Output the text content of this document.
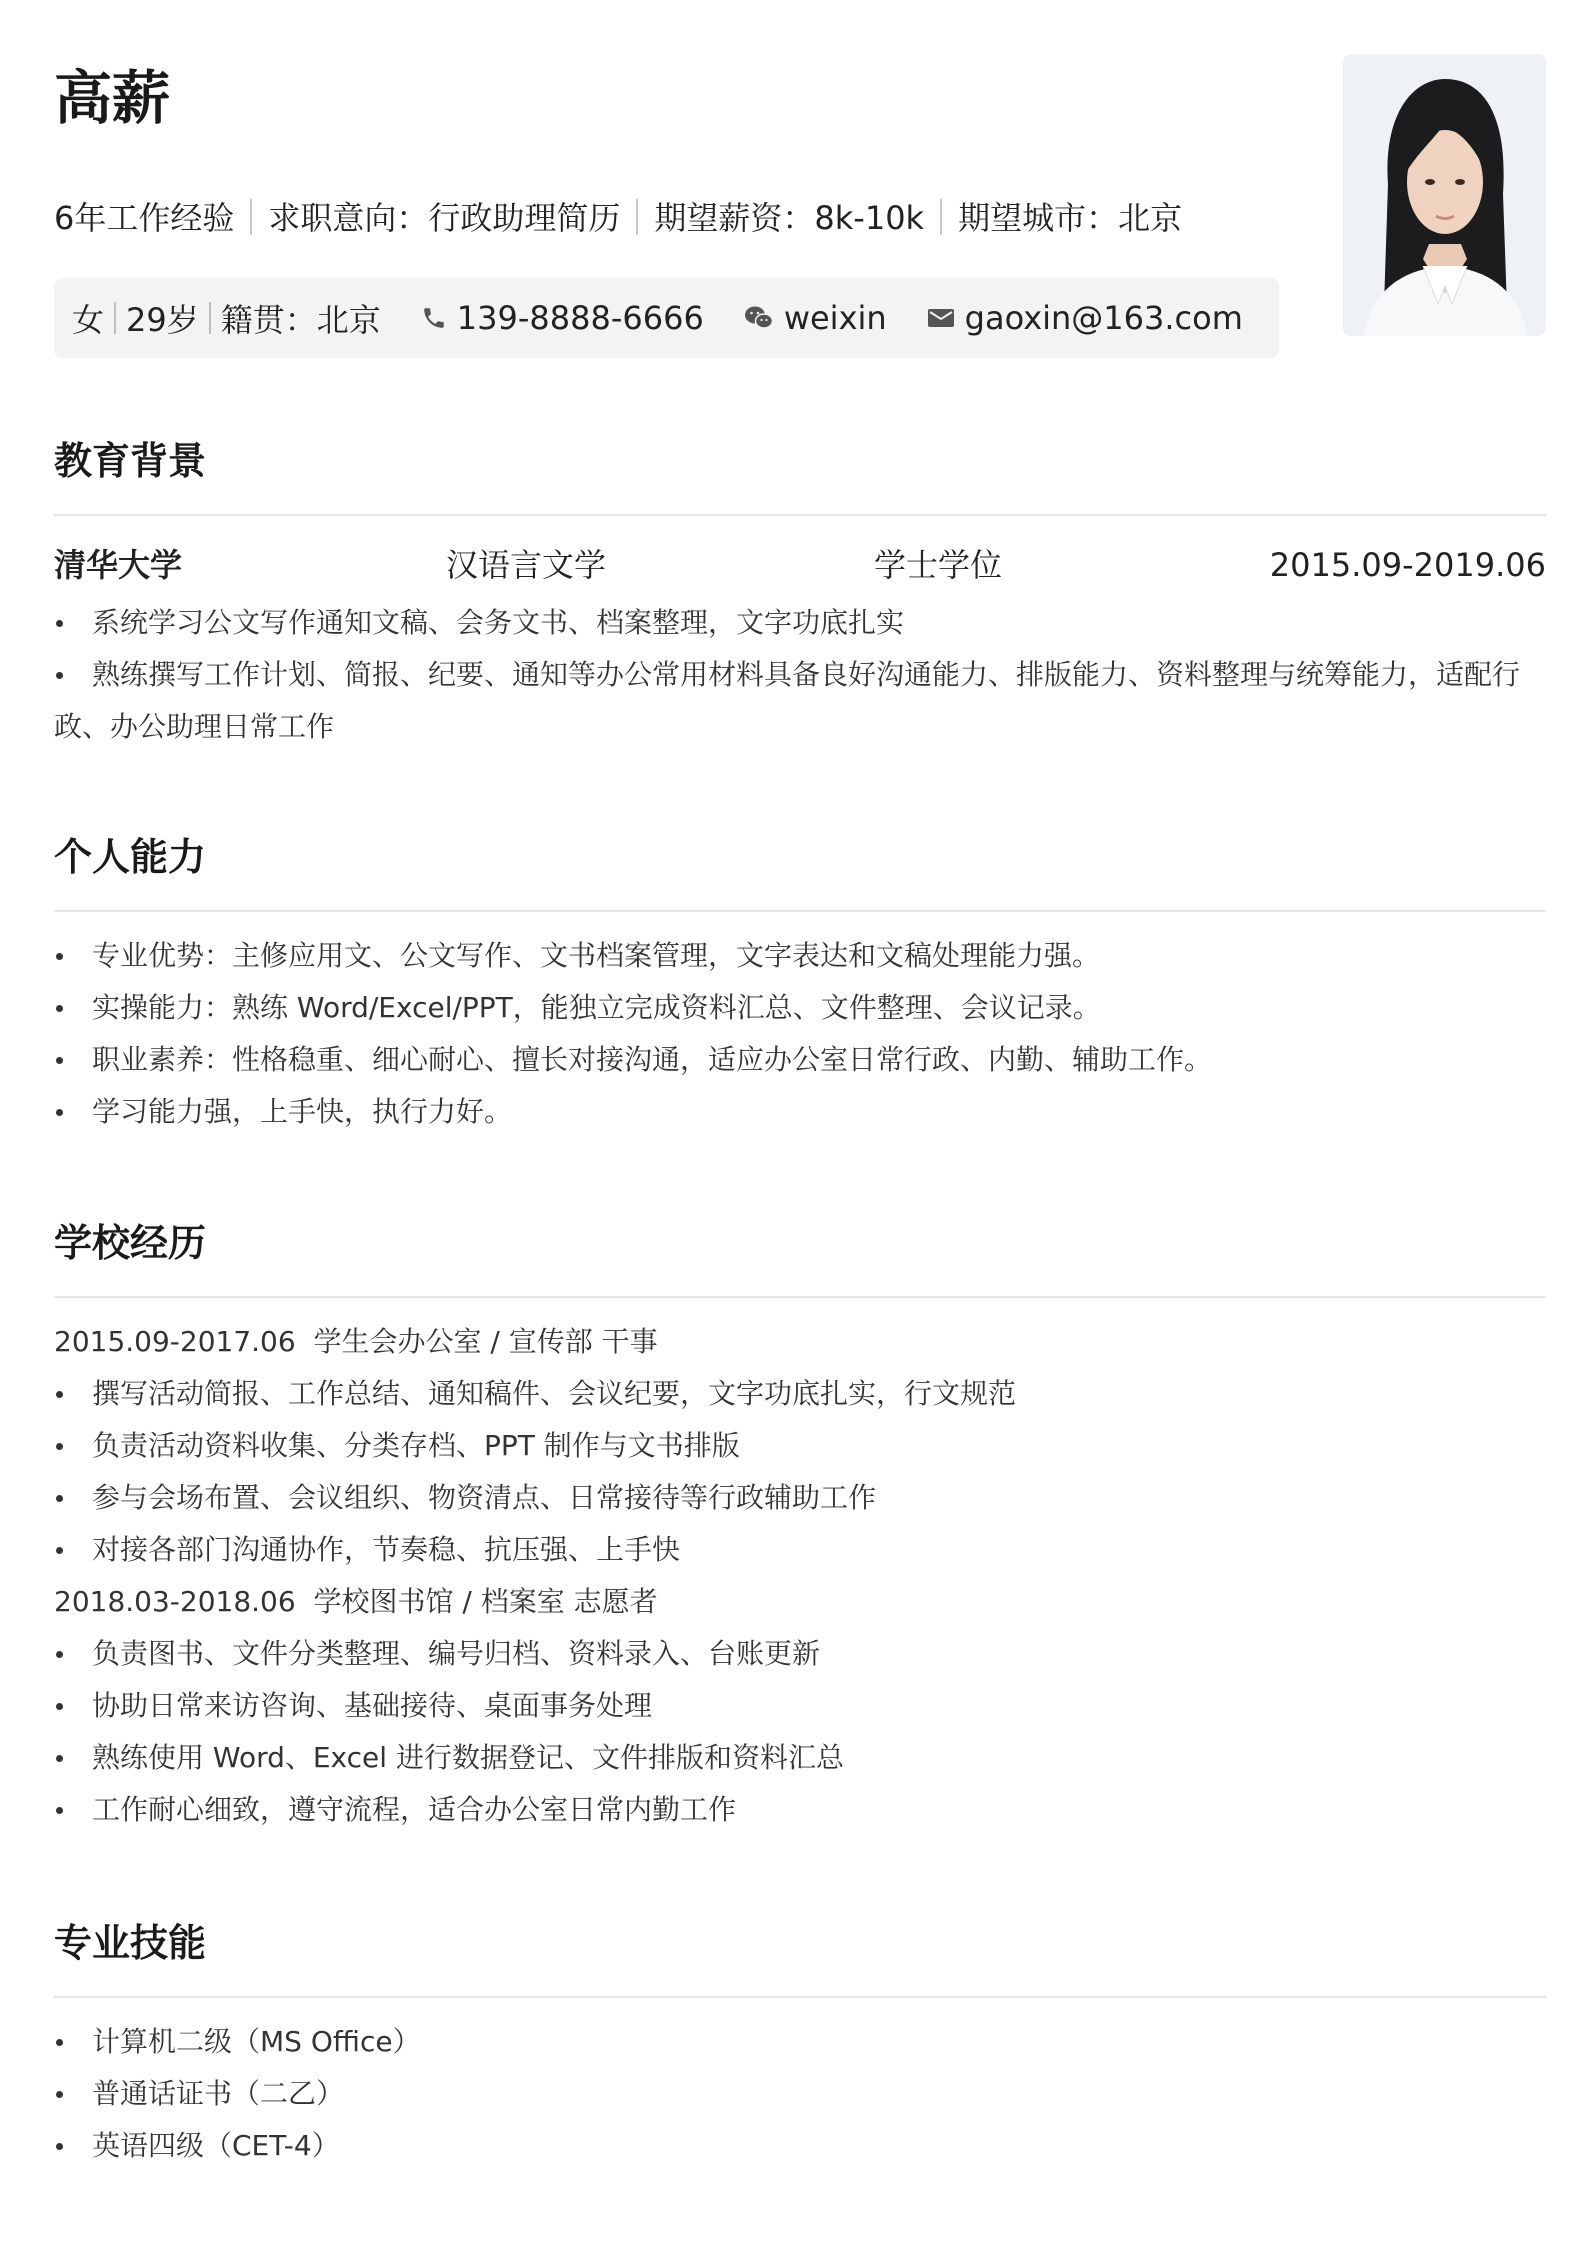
高薪
6年工作经验 求职意向：行政助理简历 期望薪资：8k-10k 期望城市：北京
女 29岁 籍贯：北京 139-8888-6666	weixin gaoxin@163.com
教育背景
清华大学	汉语言文学	学士学位	2015.09-2019.06
系统学习公文写作通知文稿、会务文书、档案整理，文字功底扎实
熟练撰写工作计划、简报、纪要、通知等办公常用材料具备良好沟通能力、排版能力、资料整理与统筹能力，适配行政、办公助理日常工作
个人能力
专业优势：主修应用文、公文写作、文书档案管理，文字表达和文稿处理能力强。
实操能力：熟练 Word/Excel/PPT，能独立完成资料汇总、文件整理、会议记录。
职业素养：性格稳重、细心耐心、擅长对接沟通，适应办公室日常行政、内勤、辅助工作。
学习能力强，上手快，执行力好。
学校经历
2015.09-2017.06  学生会办公室 / 宣传部 干事
撰写活动简报、工作总结、通知稿件、会议纪要，文字功底扎实，行文规范
负责活动资料收集、分类存档、PPT 制作与文书排版
参与会场布置、会议组织、物资清点、日常接待等行政辅助工作
对接各部门沟通协作，节奏稳、抗压强、上手快
2018.03-2018.06  学校图书馆 / 档案室 志愿者
负责图书、文件分类整理、编号归档、资料录入、台账更新
协助日常来访咨询、基础接待、桌面事务处理
熟练使用 Word、Excel 进行数据登记、文件排版和资料汇总
工作耐心细致，遵守流程，适合办公室日常内勤工作
专业技能
计算机二级（MS Office）
普通话证书（二乙）
英语四级（CET-4）
